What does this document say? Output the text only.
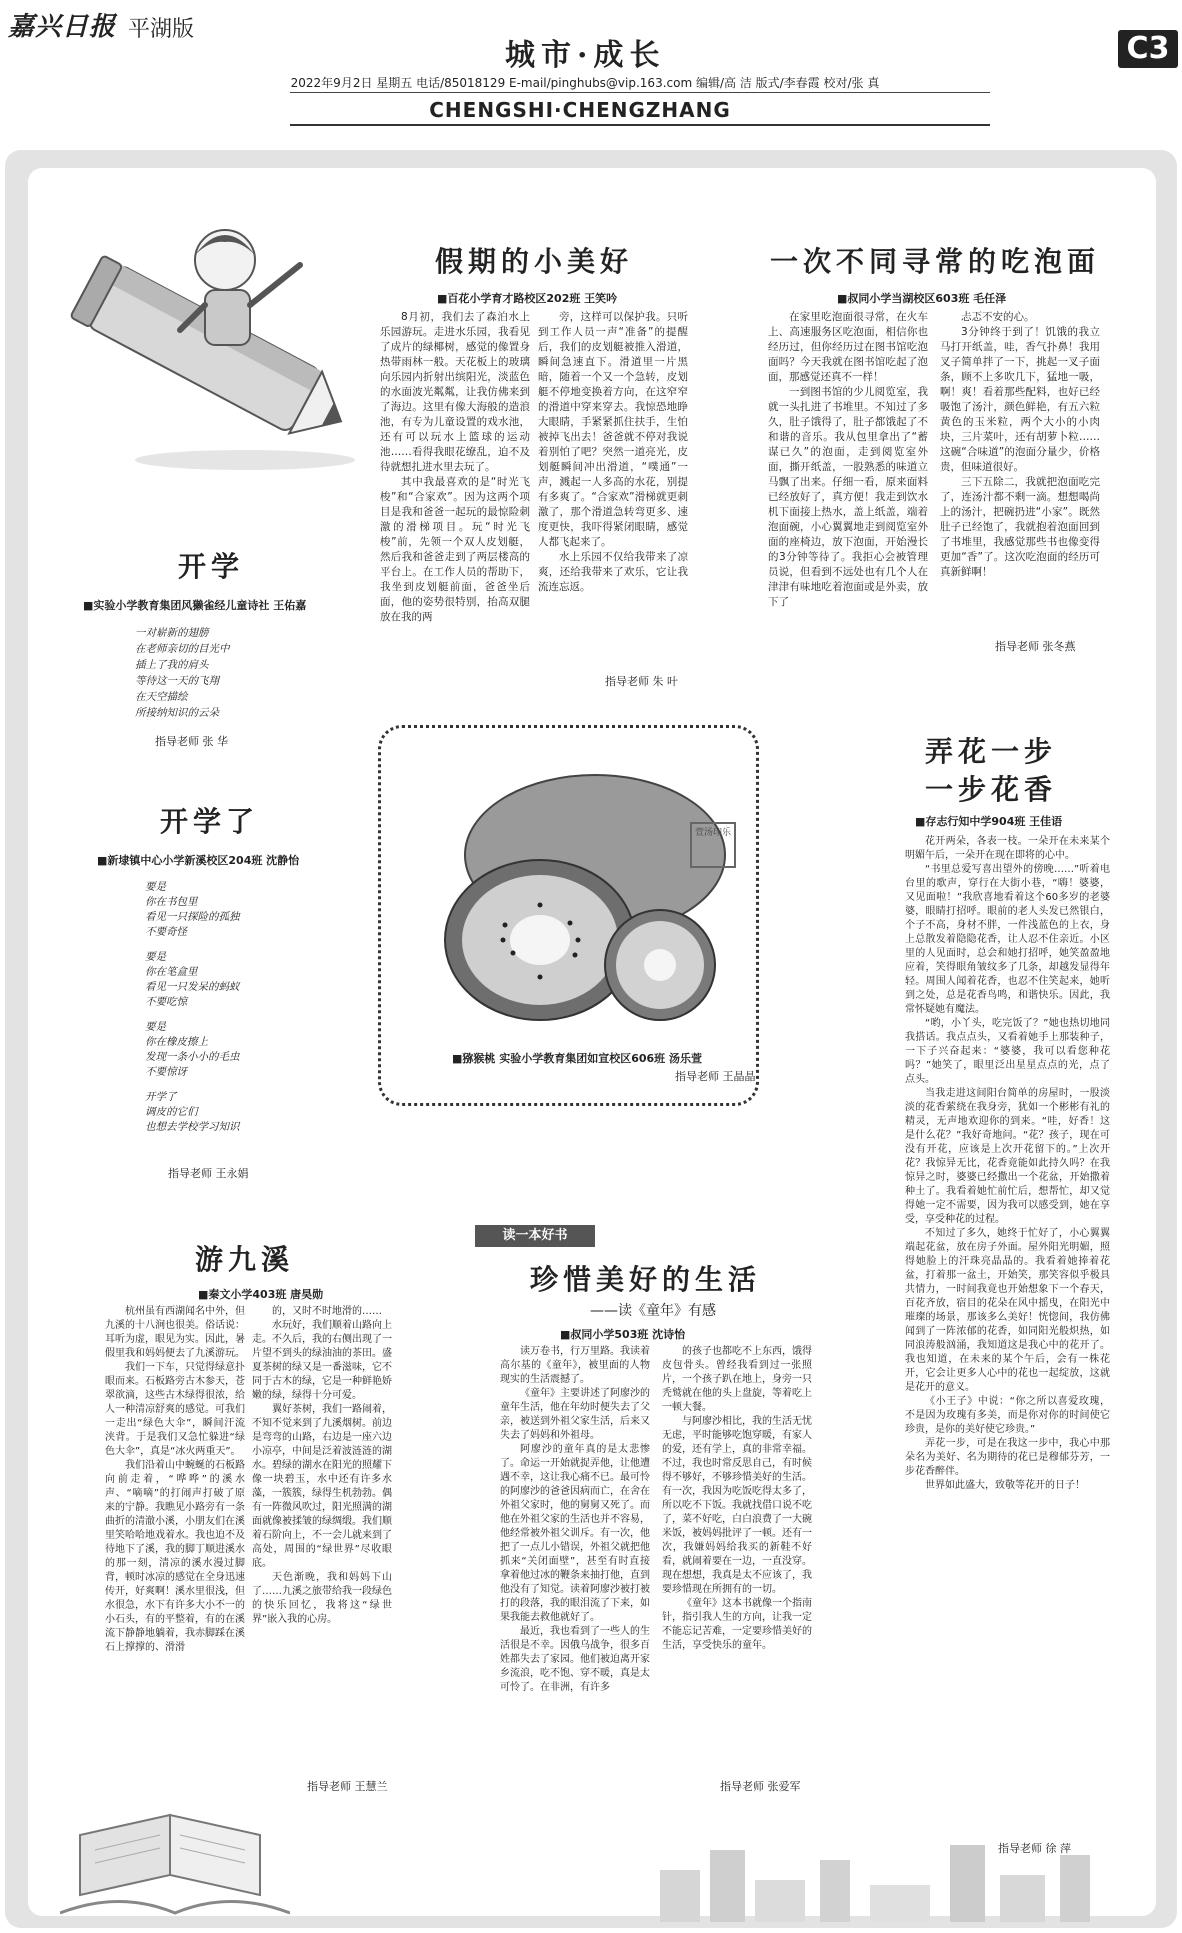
嘉兴日报 平湖版
城市·成长	C3
2022年9月2日 星期五 电话/85018129 E-mail/pinghubs@vip.163.com 编辑/高 洁 版式/李春霞 校对/张 真
CHENGSHI·CHENGZHANG
假期的小美好
■百花小学育才路校区202班 王笑吟

8月初，我们去了森泊水上乐园游玩。走进水乐园，我看见了成片的绿椰树，感觉的像置身热带雨林一般。天花板上的玻璃向乐园内折射出缤阳光，淡蓝色的水面波光粼粼，让我仿佛来到了海边。这里有像大海般的造浪池，有专为儿童设置的戏水池，还有可以玩水上篮球的运动池……看得我眼花缭乱，迫不及待就想扎进水里去玩了。

其中我最喜欢的是“时光飞梭”和“合家欢”。因为这两个项目是我和爸爸一起玩的最惊险刺激的滑梯项目。玩“时光飞梭”前，先领一个双人皮划艇，然后我和爸爸走到了两层楼高的平台上。在工作人员的帮助下，我坐到皮划艇前面，爸爸坐后面，他的姿势很特别，抬高双腿放在我的两

旁，这样可以保护我。只听到工作人员一声“准备”的提醒后，我们的皮划艇被推入滑道，瞬间急速直下。滑道里一片黑暗，随着一个又一个急转，皮划艇不停地变换着方向，在这窄窄的滑道中穿来穿去。我惊恐地睁大眼睛，手紧紧抓住扶手，生怕被掉飞出去！爸爸就不停对我说着别怕了吧？突然一道亮光，皮划艇瞬间冲出滑道，“噗通”一声，溅起一人多高的水花，别提有多爽了。“合家欢”滑梯就更刺激了，那个滑道急转弯更多、速度更快，我吓得紧闭眼睛，感觉人都飞起来了。

水上乐园不仅给我带来了凉爽，还给我带来了欢乐，它让我流连忘返。

指导老师 朱 叶
一次不同寻常的吃泡面
■叔同小学当湖校区603班 毛任泽

在家里吃泡面很寻常，在火车上、高速服务区吃泡面，相信你也经历过，但你经历过在图书馆吃泡面吗？今天我就在图书馆吃起了泡面，那感觉还真不一样！

一到图书馆的少儿阅览室，我就一头扎进了书堆里。不知过了多久，肚子饿得了，肚子都饿起了不和谐的音乐。我从包里拿出了“蓄谋已久”的泡面，走到阅览室外面，撕开纸盖，一股熟悉的味道立马飘了出来。仔细一看，原来面料已经放好了，真方便！我走到饮水机下面接上热水，盖上纸盖，端着泡面碗，小心翼翼地走到阅览室外面的座椅边，放下泡面，开始漫长的3分钟等待了。我拒心会被管理员说，但看到不远处也有几个人在津津有味地吃着泡面或是外卖，放下了

忐忑不安的心。

3分钟终于到了！饥饿的我立马打开纸盖，哇，香气扑鼻！我用叉子简单拌了一下，挑起一叉子面条，顾不上多吹几下，猛地一吸，啊！爽！看着那些配料，也好已经吸饱了汤汁，颜色鲜艳，有五六粒黄色的玉米粒，两个大小的小肉块，三片菜叶，还有胡萝卜粒……这碗“合味道”的泡面分量少，价格贵，但味道很好。

三下五除二，我就把泡面吃完了，连汤汁都不剩一滴。想想喝尚上的汤汁，把碗扔进“小家”。既然肚子已经饱了，我就抱着泡面回到了书堆里，我感觉那些书也像变得更加“香”了。这次吃泡面的经历可真新鲜啊！

指导老师 张冬燕
开学
■实验小学教育集团风獭雀经儿童诗社 王佑嘉
一对崭新的翅膀
在老师亲切的目光中
插上了我的肩头
等待这一天的飞翔
在天空描绘
所接纳知识的云朵
指导老师 张 华
开学了
■新埭镇中心小学新溪校区204班 沈静怡
要是
你在书包里
看见一只探险的孤独
不要奇怪
要是
你在笔盒里
看见一只发呆的蚂蚁
不要吃惊
要是
你在橡皮擦上
发现一条小小的毛虫
不要惊讶
开学了
调皮的它们
也想去学校学习知识
指导老师 王永娟
萱汤印乐
■猕猴桃 实验小学教育集团如宣校区606班 汤乐萱
指导老师 王晶晶
弄花一步
一步花香
■存志行知中学904班 王佳语

花开两朵，各表一枝。一朵开在未来某个明媚午后，一朵开在现在即将的心中。

“书里总爱写喜出望外的傍晚……”听着电台里的歌声，穿行在大街小巷，“嗨！婆婆，又见面啦！”我欣喜地看着这个60多岁的老婆婆，眼睛打招呼。眼前的老人头发已然银白，个子不高，身材不胖，一件浅蓝色的上衣，身上总散发着隐隐花香，让人忍不住亲近。小区里的人见面时，总会和她打招呼，她笑盈盈地应着，笑得眼角皱纹多了几条，却越发显得年轻。周围人闻着花香，也忍不住笑起来，她听到之处，总是花香鸟鸣，和谐快乐。因此，我常怀疑她有魔法。

“哟，小丫头，吃完饭了？”她也热切地同我搭话。我点点头，又看着她手上那装种子，一下子兴奋起来：“婆婆，我可以看您种花吗？”她笑了，眼里泛出星星点点的光，点了点头。

当我走进这间阳台简单的房屋时，一股淡淡的花香萦绕在我身旁，犹如一个彬彬有礼的精灵，无声地欢迎你的到来。“哇，好香！这是什么花？”我好奇地问。“花？孩子，现在可没有开花，应该是上次开花留下的。”上次开花？我惊异无比，花香竟能如此持久吗？在我惊异之时，婆婆已经撒出一个花盆，开始撒着种土了。我看着她忙前忙后，想帮忙，却又觉得她一定不需要，因为我可以感受到，她在享受，享受种花的过程。

不知过了多久，她终于忙好了，小心翼翼端起花盆，放在房子外面。屋外阳光明媚，照得她脸上的汗珠亮晶晶的。我看着她捧着花盆，打着那一盆土，开始笑，那笑容似乎极具共情力，一时间我竟也开始想象下一个春天，百花齐放，宿目的花朵在风中摇曳，在阳光中璀璨的场景，那该多么美好！恍惚间，我仿佛闻到了一阵浓郁的花香，如同阳光般炽热，如同浪涛般汹涌，我知道这是我心中的花开了。我也知道，在未来的某个午后，会有一株花开，它会让更多人心中的花也一起绽放，这就是花开的意义。

《小王子》中说：“你之所以喜爱玫瑰，不是因为玫瑰有多美，而是你对你的时间使它珍贵，是你的美好使它珍贵。”

弄花一步，可是在我这一步中，我心中那朵名为美好、名为期待的花已是穆郁芬芳，一步花香醉伴。

世界如此盛大，致敬等花开的日子！

指导老师 徐 萍
游九溪
■秦文小学403班 唐昊勋

杭州虽有西湖闻名中外，但九溪的十八涧也很美。俗话说：耳听为虚，眼见为实。因此，暑假里我和妈妈便去了九溪游玩。

我们一下车，只觉得绿意扑眼而来。石板路旁古木参天，苍翠欲滴，这些古木绿得很浓，给人一种清凉舒爽的感觉。可我们一走出“绿色大伞”，瞬间汗流浃背。于是我们又急忙躲进“绿色大伞”，真是“冰火两重天”。

我们沿着山中蜿蜒的石板路向前走着，“哗哗”的溪水声、“嘀嘀”的打闹声打破了原来的宁静。我瞧见小路旁有一条曲折的清澈小溪，小朋友们在溪里笑哈哈地戏着水。我也迫不及待地下了溪，我的脚丁顺进溪水的那一刻，清凉的溪水漫过脚背，顿时冰凉的感觉在全身迅速传开，好爽啊！溪水里很浅，但水很急，水下有许多大小不一的小石头，有的平整着，有的在溪流下静静地躺着，我赤脚踩在溪石上撑撑的、滑滑

的，又时不时地滑的……

水玩好，我们顺着山路向上走。不久后，我的右侧出现了一片望不到头的绿油油的茶田。盛夏茶树的绿又是一番滋味，它不同于古木的绿，它是一种鲜艳娇嫩的绿，绿得十分可爱。

翼好茶树，我们一路闹着，不知不觉来到了九溪烟树。前边是弯弯的山路，右边是一座六边小凉亭，中间是泛着波涟涟的湖水。碧绿的湖水在阳光的照耀下像一块碧玉，水中还有许多水藻，一簇簇，绿得生机勃勃。偶有一阵微风吹过，阳光照满的湖面就像被揉皱的绿绸缎。我们顺着石阶向上，不一会儿就来到了高处，周围的“绿世界”尽收眼底。

天色渐晚，我和妈妈下山了……九溪之旅带给我一段绿色的快乐回忆，我将这“绿世界”嵌入我的心房。

指导老师 王慧兰
读一本好书
珍惜美好的生活
——读《童年》有感
■叔同小学503班 沈诗怡

读万卷书，行万里路。我读着高尔基的《童年》，被里面的人物现实的生活震撼了。

《童年》主要讲述了阿廖沙的童年生活，他在年幼时便失去了父亲，被送到外祖父家生活，后来又失去了妈妈和外祖母。

阿廖沙的童年真的是太悲惨了。命运一开始就捉弄他，让他遭遇不幸，这让我心痛不已。最可怜的阿廖沙的爸爸因病而亡，在舍在外祖父家时，他的舅舅又死了。而他在外祖父家的生活也并不容易，他经常被外祖父训斥。有一次，他把了一点儿小错误，外祖父就把他抓来“关闭面壁”，甚至有时直接拿着他过冰的鞭条来抽打他，直到他没有了知觉。读着阿廖沙被打被打的段落，我的眼泪流了下来，如果我能去救他就好了。

最近，我也看到了一些人的生活很是不幸。因俄乌战争，很多百姓都失去了家园。他们被迫离开家乡流浪，吃不饱、穿不暖，真是太可怜了。在非洲，有许多

的孩子也都吃不上东西，饿得皮包骨头。曾经我看到过一张照片，一个孩子趴在地上，身旁一只秃鹫就在他的头上盘旋，等着吃上一顿大餐。

与阿廖沙相比，我的生活无忧无虑，平时能够吃饱穿暖，有家人的爱，还有学上，真的非常幸福。不过，我也时常反思自己，有时候得不够好，不够珍惜美好的生活。有一次，我因为吃饭吃得太多了，所以吃不下饭。我就找借口说不吃了，菜不好吃，白白浪费了一大碗米饭，被妈妈批评了一顿。还有一次，我嫌妈妈给我买的新鞋不好看，就闹着要在一边，一直没穿。现在想想，我真是太不应该了，我要珍惜现在所拥有的一切。

《童年》这本书就像一个指南针，指引我人生的方向，让我一定不能忘记苦难，一定要珍惜美好的生活，享受快乐的童年。

指导老师 张爱军
